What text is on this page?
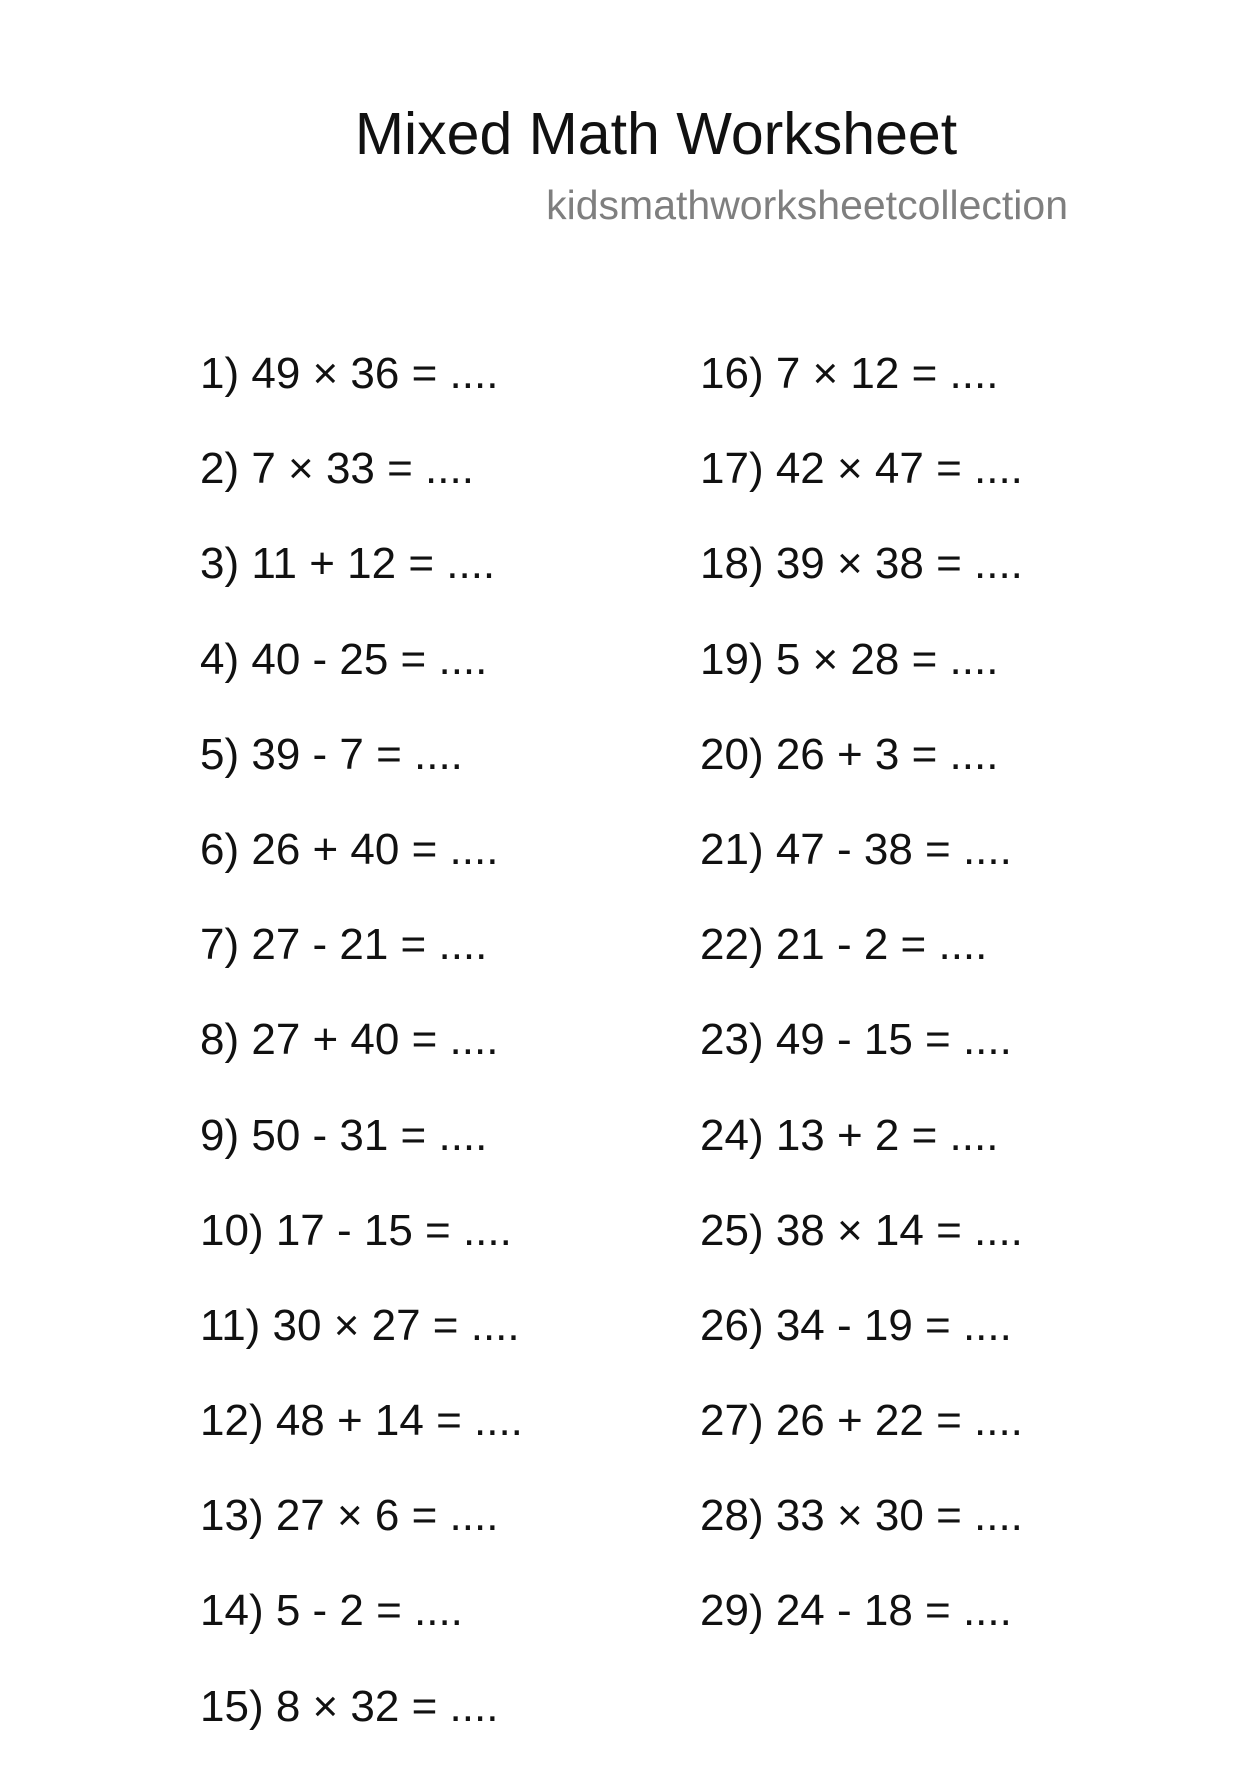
Mixed Math Worksheet
kidsmathworksheetcollection
1) 49 × 36 = ....
2) 7 × 33 = ....
3) 11 + 12 = ....
4) 40 - 25 = ....
5) 39 - 7 = ....
6) 26 + 40 = ....
7) 27 - 21 = ....
8) 27 + 40 = ....
9) 50 - 31 = ....
10) 17 - 15 = ....
11) 30 × 27 = ....
12) 48 + 14 = ....
13) 27 × 6 = ....
14) 5 - 2 = ....
15) 8 × 32 = ....
16) 7 × 12 = ....
17) 42 × 47 = ....
18) 39 × 38 = ....
19) 5 × 28 = ....
20) 26 + 3 = ....
21) 47 - 38 = ....
22) 21 - 2 = ....
23) 49 - 15 = ....
24) 13 + 2 = ....
25) 38 × 14 = ....
26) 34 - 19 = ....
27) 26 + 22 = ....
28) 33 × 30 = ....
29) 24 - 18 = ....
